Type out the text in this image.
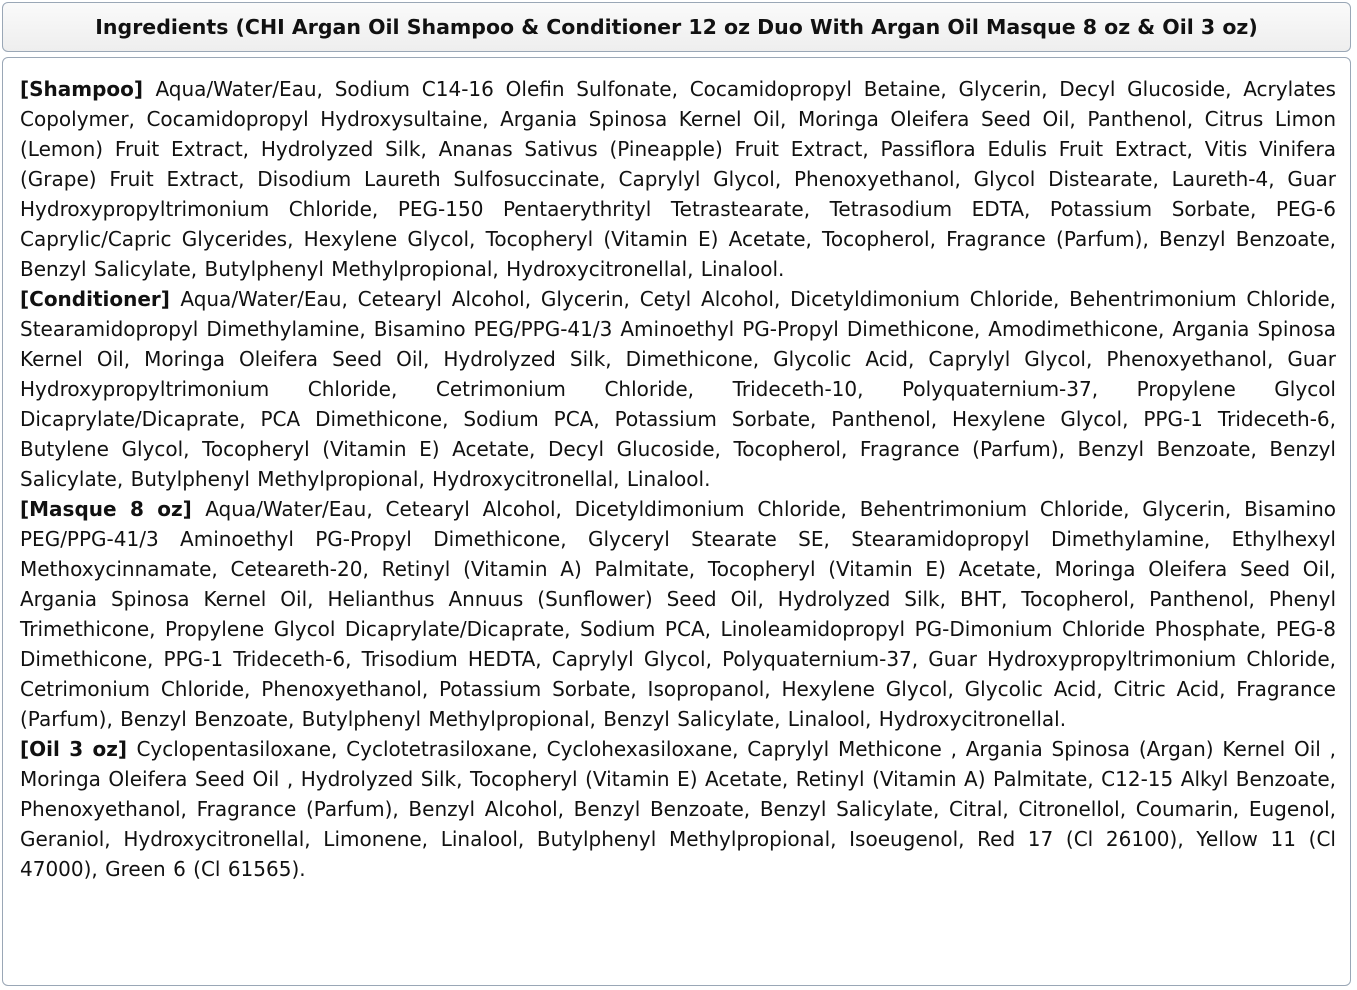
Ingredients (CHI Argan Oil Shampoo & Conditioner 12 oz Duo With Argan Oil Masque 8 oz & Oil 3 oz)
[Shampoo] Aqua/Water/Eau, Sodium C14-16 Olefin Sulfonate, Cocamidopropyl Betaine, Glycerin, Decyl Glucoside, Acrylates Copolymer, Cocamidopropyl Hydroxysultaine, Argania Spinosa Kernel Oil, Moringa Oleifera Seed Oil, Panthenol, Citrus Limon (Lemon) Fruit Extract, Hydrolyzed Silk, Ananas Sativus (Pineapple) Fruit Extract, Passiflora Edulis Fruit Extract, Vitis Vinifera (Grape) Fruit Extract, Disodium Laureth Sulfosuccinate, Caprylyl Glycol, Phenoxyethanol, Glycol Distearate, Laureth-4, Guar Hydroxypropyltrimonium Chloride, PEG-150 Pentaerythrityl Tetrastearate, Tetrasodium EDTA, Potassium Sorbate, PEG-6 Caprylic/Capric Glycerides, Hexylene Glycol, Tocopheryl (Vitamin E) Acetate, Tocopherol, Fragrance (Parfum), Benzyl Benzoate, Benzyl Salicylate, Butylphenyl Methylpropional, Hydroxycitronellal, Linalool.
[Conditioner] Aqua/Water/Eau, Cetearyl Alcohol, Glycerin, Cetyl Alcohol, Dicetyldimonium Chloride, Behentrimonium Chloride, Stearamidopropyl Dimethylamine, Bisamino PEG/PPG-41/3 Aminoethyl PG-Propyl Dimethicone, Amodimethicone, Argania Spinosa Kernel Oil, Moringa Oleifera Seed Oil, Hydrolyzed Silk, Dimethicone, Glycolic Acid, Caprylyl Glycol, Phenoxyethanol, Guar Hydroxypropyltrimonium Chloride, Cetrimonium Chloride, Trideceth-10, Polyquaternium-37, Propylene Glycol Dicaprylate/Dicaprate, PCA Dimethicone, Sodium PCA, Potassium Sorbate, Panthenol, Hexylene Glycol, PPG-1 Trideceth-6, Butylene Glycol, Tocopheryl (Vitamin E) Acetate, Decyl Glucoside, Tocopherol, Fragrance (Parfum), Benzyl Benzoate, Benzyl Salicylate, Butylphenyl Methylpropional, Hydroxycitronellal, Linalool.
[Masque 8 oz] Aqua/Water/Eau, Cetearyl Alcohol, Dicetyldimonium Chloride, Behentrimonium Chloride, Glycerin, Bisamino PEG/PPG-41/3 Aminoethyl PG-Propyl Dimethicone, Glyceryl Stearate SE, Stearamidopropyl Dimethylamine, Ethylhexyl Methoxycinnamate, Ceteareth-20, Retinyl (Vitamin A) Palmitate, Tocopheryl (Vitamin E) Acetate, Moringa Oleifera Seed Oil, Argania Spinosa Kernel Oil, Helianthus Annuus (Sunflower) Seed Oil, Hydrolyzed Silk, BHT, Tocopherol, Panthenol, Phenyl Trimethicone, Propylene Glycol Dicaprylate/Dicaprate, Sodium PCA, Linoleamidopropyl PG-Dimonium Chloride Phosphate, PEG-8 Dimethicone, PPG-1 Trideceth-6, Trisodium HEDTA, Caprylyl Glycol, Polyquaternium-37, Guar Hydroxypropyltrimonium Chloride, Cetrimonium Chloride, Phenoxyethanol, Potassium Sorbate, Isopropanol, Hexylene Glycol, Glycolic Acid, Citric Acid, Fragrance (Parfum), Benzyl Benzoate, Butylphenyl Methylpropional, Benzyl Salicylate, Linalool, Hydroxycitronellal.
[Oil 3 oz] Cyclopentasiloxane, Cyclotetrasiloxane, Cyclohexasiloxane, Caprylyl Methicone , Argania Spinosa (Argan) Kernel Oil , Moringa Oleifera Seed Oil , Hydrolyzed Silk, Tocopheryl (Vitamin E) Acetate, Retinyl (Vitamin A) Palmitate, C12-15 Alkyl Benzoate, Phenoxyethanol, Fragrance (Parfum), Benzyl Alcohol, Benzyl Benzoate, Benzyl Salicylate, Citral, Citronellol, Coumarin, Eugenol, Geraniol, Hydroxycitronellal, Limonene, Linalool, Butylphenyl Methylpropional, Isoeugenol, Red 17 (Cl 26100), Yellow 11 (Cl 47000), Green 6 (Cl 61565).
